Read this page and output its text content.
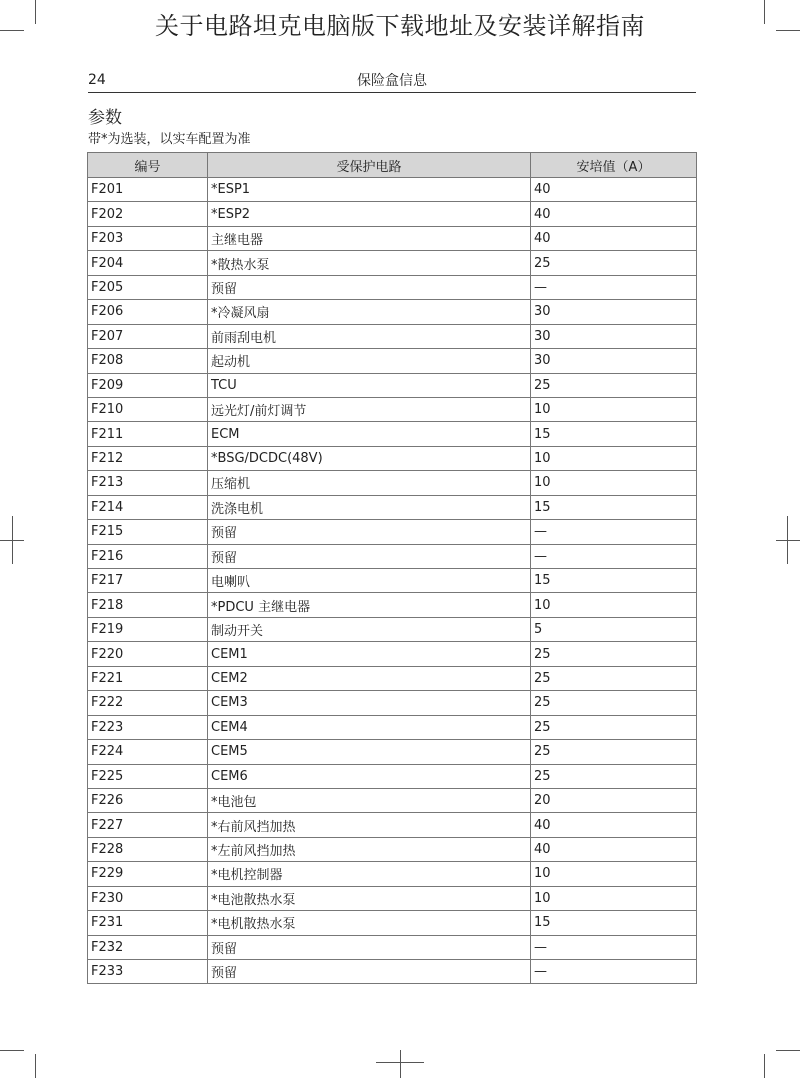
关于电路坦克电脑版下载地址及安装详解指南
24	保险盒信息
参数
带*为选装，以实车配置为准
编号	受保护电路	安培值（A）
F201	*ESP1	40
F202	*ESP2	40
F203	主继电器	40
F204	*散热水泵	25
F205	预留	—
F206	*冷凝风扇	30
F207	前雨刮电机	30
F208	起动机	30
F209	TCU	25
F210	远光灯/前灯调节	10
F211	ECM	15
F212	*BSG/DCDC(48V)	10
F213	压缩机	10
F214	洗涤电机	15
F215	预留	—
F216	预留	—
F217	电喇叭	15
F218	*PDCU 主继电器	10
F219	制动开关	5
F220	CEM1	25
F221	CEM2	25
F222	CEM3	25
F223	CEM4	25
F224	CEM5	25
F225	CEM6	25
F226	*电池包	20
F227	*右前风挡加热	40
F228	*左前风挡加热	40
F229	*电机控制器	10
F230	*电池散热水泵	10
F231	*电机散热水泵	15
F232	预留	—
F233	预留	—
